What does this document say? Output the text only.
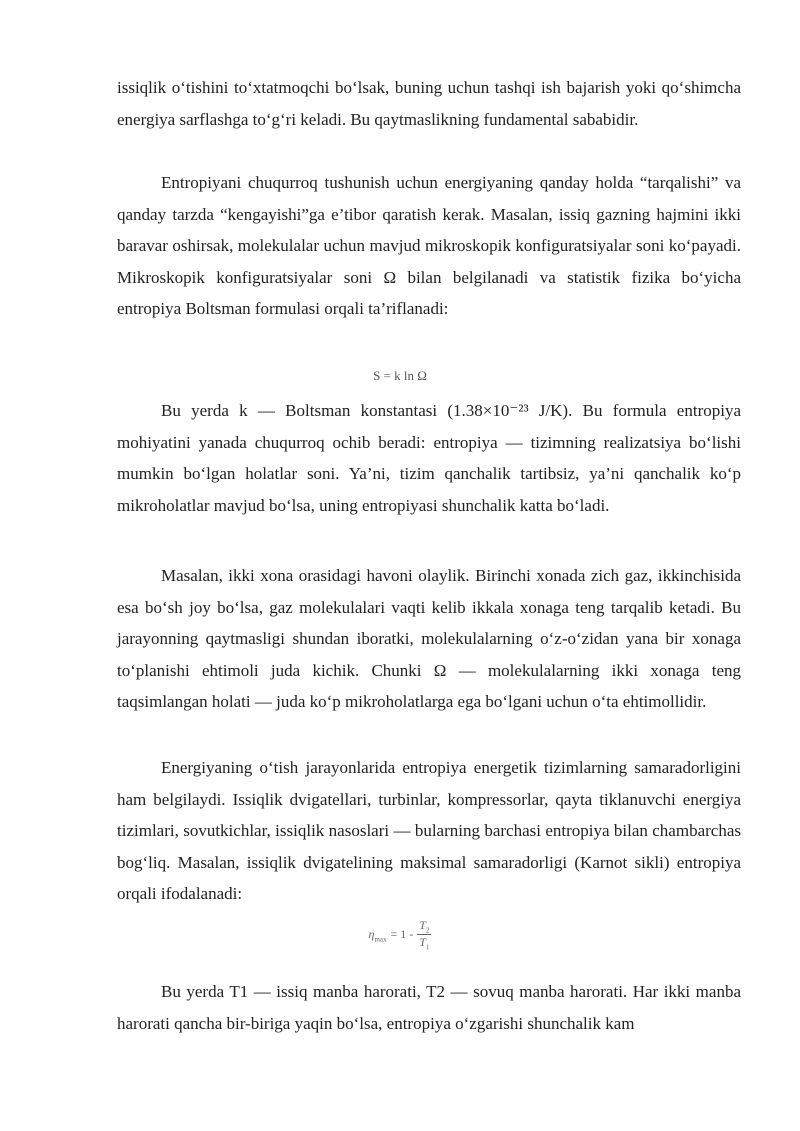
issiqlik o‘tishini to‘xtatmoqchi bo‘lsak, buning uchun tashqi ish bajarish yoki qo‘shimcha energiya sarflashga to‘g‘ri keladi. Bu qaytmaslikning fundamental sababidir.

Entropiyani chuqurroq tushunish uchun energiyaning qanday holda “tarqalishi” va qanday tarzda “kengayishi”ga e’tibor qaratish kerak. Masalan, issiq gazning hajmini ikki baravar oshirsak, molekulalar uchun mavjud mikroskopik konfiguratsiyalar soni ko‘payadi. Mikroskopik konfiguratsiyalar soni Ω bilan belgilanadi va statistik fizika bo‘yicha entropiya Boltsman formulasi orqali ta’riflanadi:

S = k ln Ω

Bu yerda k — Boltsman konstantasi (1.38×10⁻²³ J/K). Bu formula entropiya mohiyatini yanada chuqurroq ochib beradi: entropiya — tizimning realizatsiya bo‘lishi mumkin bo‘lgan holatlar soni. Ya’ni, tizim qanchalik tartibsiz, ya’ni qanchalik ko‘p mikroholatlar mavjud bo‘lsa, uning entropiyasi shunchalik katta bo‘ladi.

Masalan, ikki xona orasidagi havoni olaylik. Birinchi xonada zich gaz, ikkinchisida esa bo‘sh joy bo‘lsa, gaz molekulalari vaqti kelib ikkala xonaga teng tarqalib ketadi. Bu jarayonning qaytmasligi shundan iboratki, molekulalarning o‘z-o‘zidan yana bir xonaga to‘planishi ehtimoli juda kichik. Chunki Ω — molekulalarning ikki xonaga teng taqsimlangan holati — juda ko‘p mikroholatlarga ega bo‘lgani uchun o‘ta ehtimollidir.

Energiyaning o‘tish jarayonlarida entropiya energetik tizimlarning samaradorligini ham belgilaydi. Issiqlik dvigatellari, turbinlar, kompressorlar, qayta tiklanuvchi energiya tizimlari, sovutkichlar, issiqlik nasoslari — bularning barchasi entropiya bilan chambarchas bog‘liq. Masalan, issiqlik dvigatelining maksimal samaradorligi (Karnot sikli) entropiya orqali ifodalanadi:

$\eta_{max} = 1 - \frac{T_2}{T_1}$

Bu yerda T1 — issiq manba harorati, T2 — sovuq manba harorati. Har ikki manba harorati qancha bir-biriga yaqin bo‘lsa, entropiya o‘zgarishi shunchalik kam
